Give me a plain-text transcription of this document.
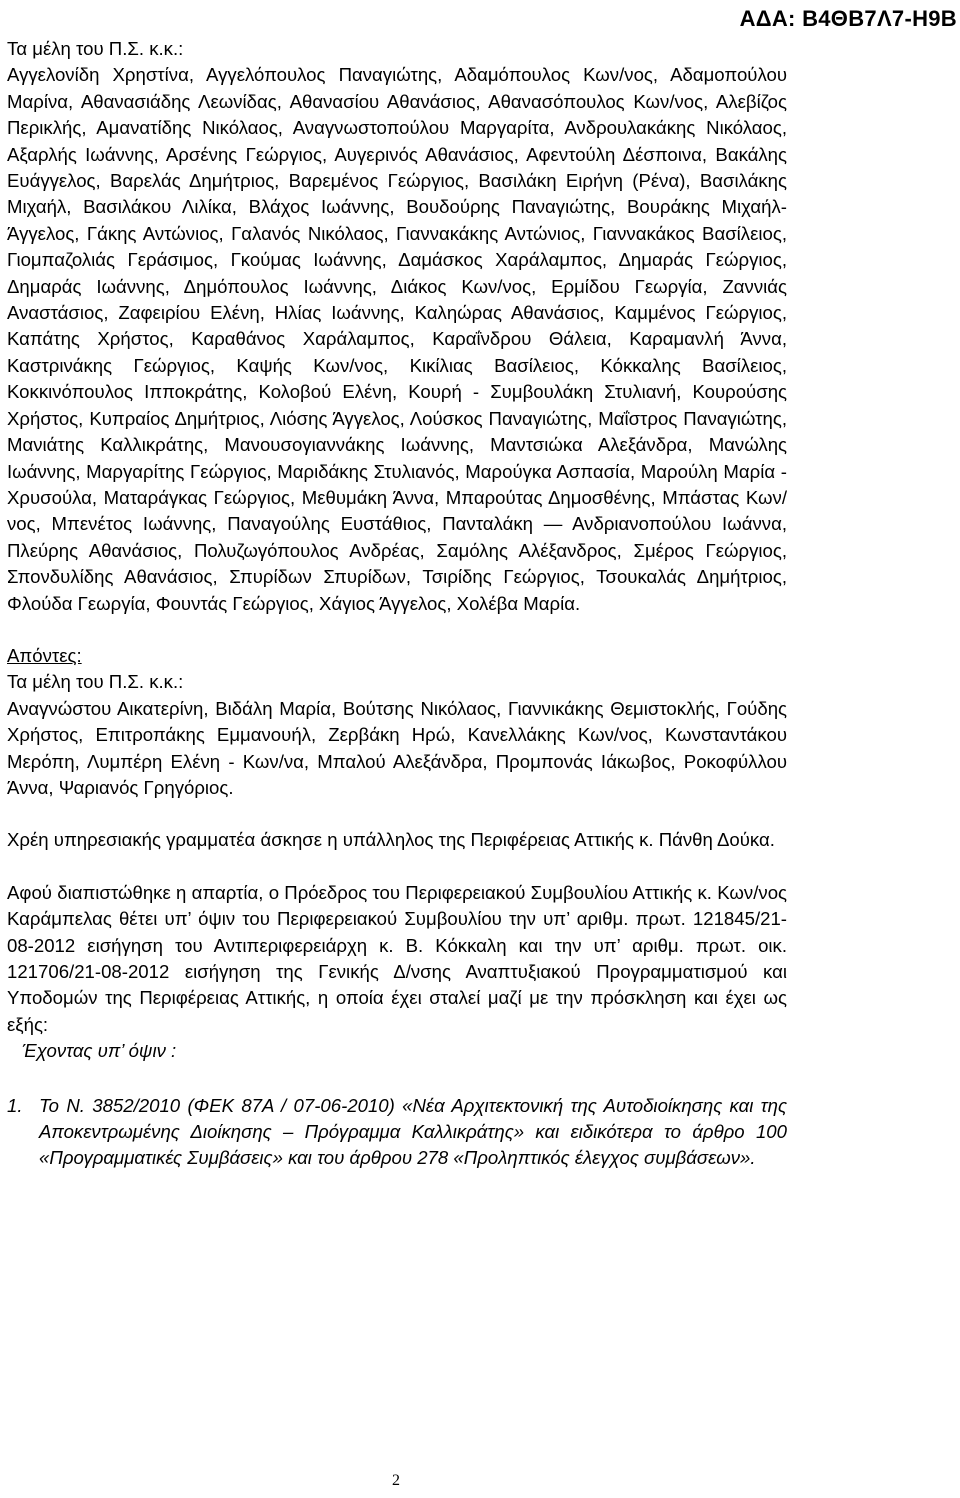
ΑΔΑ: Β4ΘΒ7Λ7-Η9Β

Τα μέλη του Π.Σ. κ.κ.:

Αγγελονίδη Χρηστίνα, Αγγελόπουλος Παναγιώτης, Αδαμόπουλος Κων/νος, Αδαμοπούλου Μαρίνα, Αθανασιάδης Λεωνίδας, Αθανασίου Αθανάσιος, Αθανασόπουλος Κων/νος, Αλεβίζος Περικλής, Αμανατίδης Νικόλαος, Αναγνωστοπούλου Μαργαρίτα, Ανδρουλακάκης Νικόλαος, Αξαρλής Ιωάννης, Αρσένης Γεώργιος, Αυγερινός Αθανάσιος, Αφεντούλη Δέσποινα, Βακάλης Ευάγγελος, Βαρελάς Δημήτριος, Βαρεμένος Γεώργιος, Βασιλάκη Ειρήνη (Ρένα), Βασιλάκης Μιχαήλ, Βασιλάκου Λιλίκα, Βλάχος Ιωάννης, Βουδούρης Παναγιώτης, Βουράκης Μιχαήλ-Άγγελος, Γάκης Αντώνιος, Γαλανός Νικόλαος, Γιαννακάκης Αντώνιος, Γιαννακάκος Βασίλειος, Γιομπαζολιάς Γεράσιμος, Γκούμας Ιωάννης, Δαμάσκος Χαράλαμπος, Δημαράς Γεώργιος, Δημαράς Ιωάννης, Δημόπουλος Ιωάννης, Διάκος Κων/νος, Ερμίδου Γεωργία, Ζαννιάς Αναστάσιος, Ζαφειρίου Ελένη, Ηλίας Ιωάννης, Καληώρας Αθανάσιος, Καμμένος Γεώργιος, Καπάτης Χρήστος, Καραθάνος Χαράλαμπος, Καραΐνδρου Θάλεια, Καραμανλή Άννα, Καστρινάκης Γεώργιος, Καψής Κων/νος, Κικίλιας Βασίλειος, Κόκκαλης Βασίλειος, Κοκκινόπουλος Ιπποκράτης, Κολοβού Ελένη, Κουρή - Συμβουλάκη Στυλιανή, Κουρούσης Χρήστος, Κυπραίος Δημήτριος, Λιόσης Άγγελος, Λούσκος Παναγιώτης, Μαΐστρος Παναγιώτης, Μανιάτης Καλλικράτης, Μανουσογιαννάκης Ιωάννης, Μαντσιώκα Αλεξάνδρα, Μανώλης Ιωάννης, Μαργαρίτης Γεώργιος, Μαριδάκης Στυλιανός, Μαρούγκα Ασπασία, Μαρούλη Μαρία - Χρυσούλα, Ματαράγκας Γεώργιος, Μεθυμάκη Άννα, Μπαρούτας Δημοσθένης, Μπάστας Κων/νος, Μπενέτος Ιωάννης, Παναγούλης Ευστάθιος, Πανταλάκη — Ανδριανοπούλου Ιωάννα, Πλεύρης Αθανάσιος, Πολυζωγόπουλος Ανδρέας, Σαμόλης Αλέξανδρος, Σμέρος Γεώργιος, Σπονδυλίδης Αθανάσιος, Σπυρίδων Σπυρίδων, Τσιρίδης Γεώργιος, Τσουκαλάς Δημήτριος, Φλούδα Γεωργία, Φουντάς Γεώργιος, Χάγιος Άγγελος, Χολέβα Μαρία.

Απόντες:

Τα μέλη του Π.Σ. κ.κ.:

Αναγνώστου Αικατερίνη, Βιδάλη Μαρία, Βούτσης Νικόλαος, Γιαννικάκης Θεμιστοκλής, Γούδης Χρήστος, Επιτροπάκης Εμμανουήλ, Ζερβάκη Ηρώ, Κανελλάκης Κων/νος, Κωνσταντάκου Μερόπη, Λυμπέρη Ελένη - Κων/να, Μπαλού Αλεξάνδρα, Προμπονάς Ιάκωβος, Ροκοφύλλου Άννα, Ψαριανός Γρηγόριος.

Χρέη υπηρεσιακής γραμματέα άσκησε η υπάλληλος της Περιφέρειας Αττικής κ. Πάνθη Δούκα.

Αφού διαπιστώθηκε η απαρτία, ο Πρόεδρος του Περιφερειακού Συμβουλίου Αττικής κ. Κων/νος Καράμπελας θέτει υπ’ όψιν του Περιφερειακού Συμβουλίου την υπ’ αριθμ. πρωτ. 121845/21-08-2012 εισήγηση του Αντιπεριφερειάρχη κ. Β. Κόκκαλη και την υπ’ αριθμ. πρωτ. οικ. 121706/21-08-2012 εισήγηση της Γενικής Δ/νσης Αναπτυξιακού Προγραμματισμού και Υποδομών της Περιφέρειας Αττικής, η οποία έχει σταλεί μαζί με την πρόσκληση και έχει ως εξής:

Έχοντας υπ’ όψιν :

1. Το Ν. 3852/2010 (ΦΕΚ 87Α / 07-06-2010) «Νέα Αρχιτεκτονική της Αυτοδιοίκησης και της Αποκεντρωμένης Διοίκησης – Πρόγραμμα Καλλικράτης» και ειδικότερα το άρθρο 100 «Προγραμματικές Συμβάσεις» και του άρθρου 278 «Προληπτικός έλεγχος συμβάσεων».
2
